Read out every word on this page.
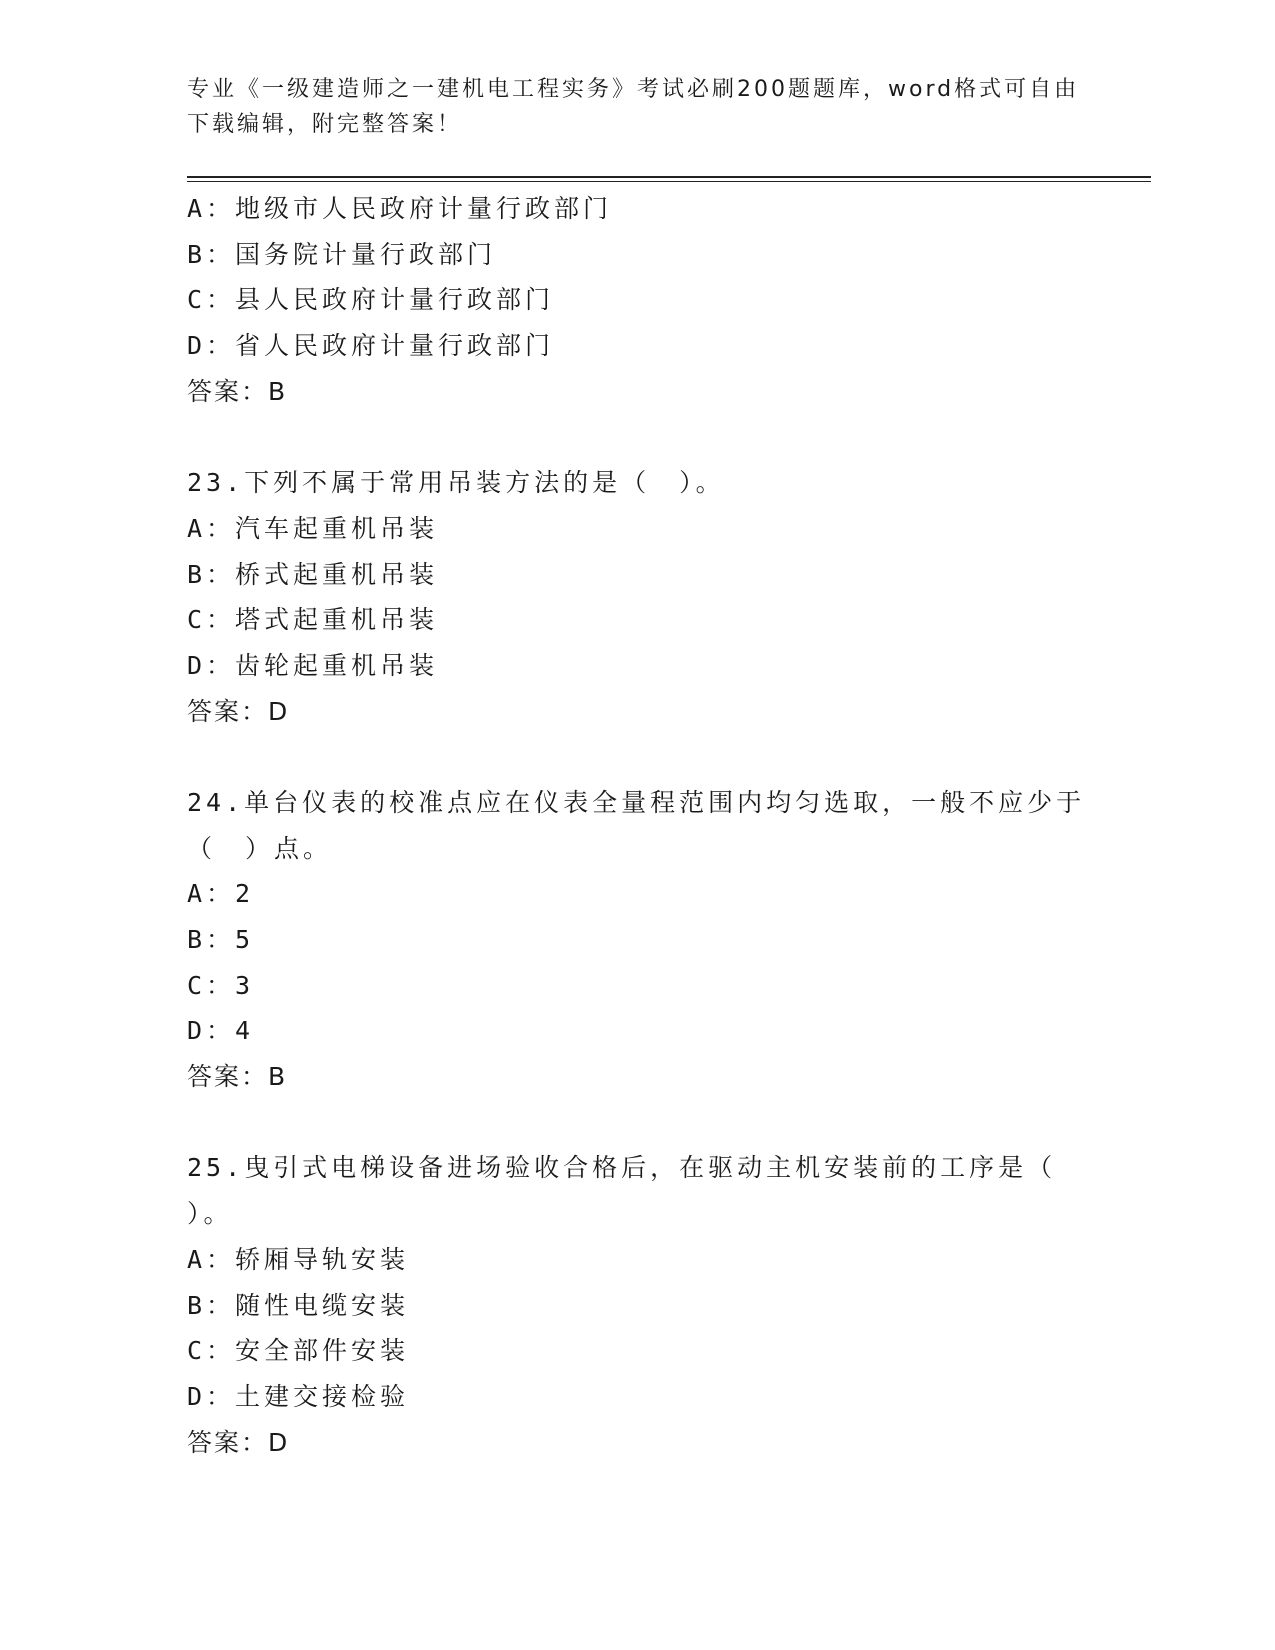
专业《一级建造师之一建机电工程实务》考试必刷200题题库，word格式可自由
下载编辑，附完整答案！
A：地级市人民政府计量行政部门
B：国务院计量行政部门
C：县人民政府计量行政部门
D：省人民政府计量行政部门
答案：B
23.下列不属于常用吊装方法的是（　）。
A：汽车起重机吊装
B：桥式起重机吊装
C：塔式起重机吊装
D：齿轮起重机吊装
答案：D
24.单台仪表的校准点应在仪表全量程范围内均匀选取，一般不应少于
（　）点。
A：2
B：5
C：3
D：4
答案：B
25.曳引式电梯设备进场验收合格后，在驱动主机安装前的工序是（
）。
A：轿厢导轨安装
B：随性电缆安装
C：安全部件安装
D：土建交接检验
答案：D
